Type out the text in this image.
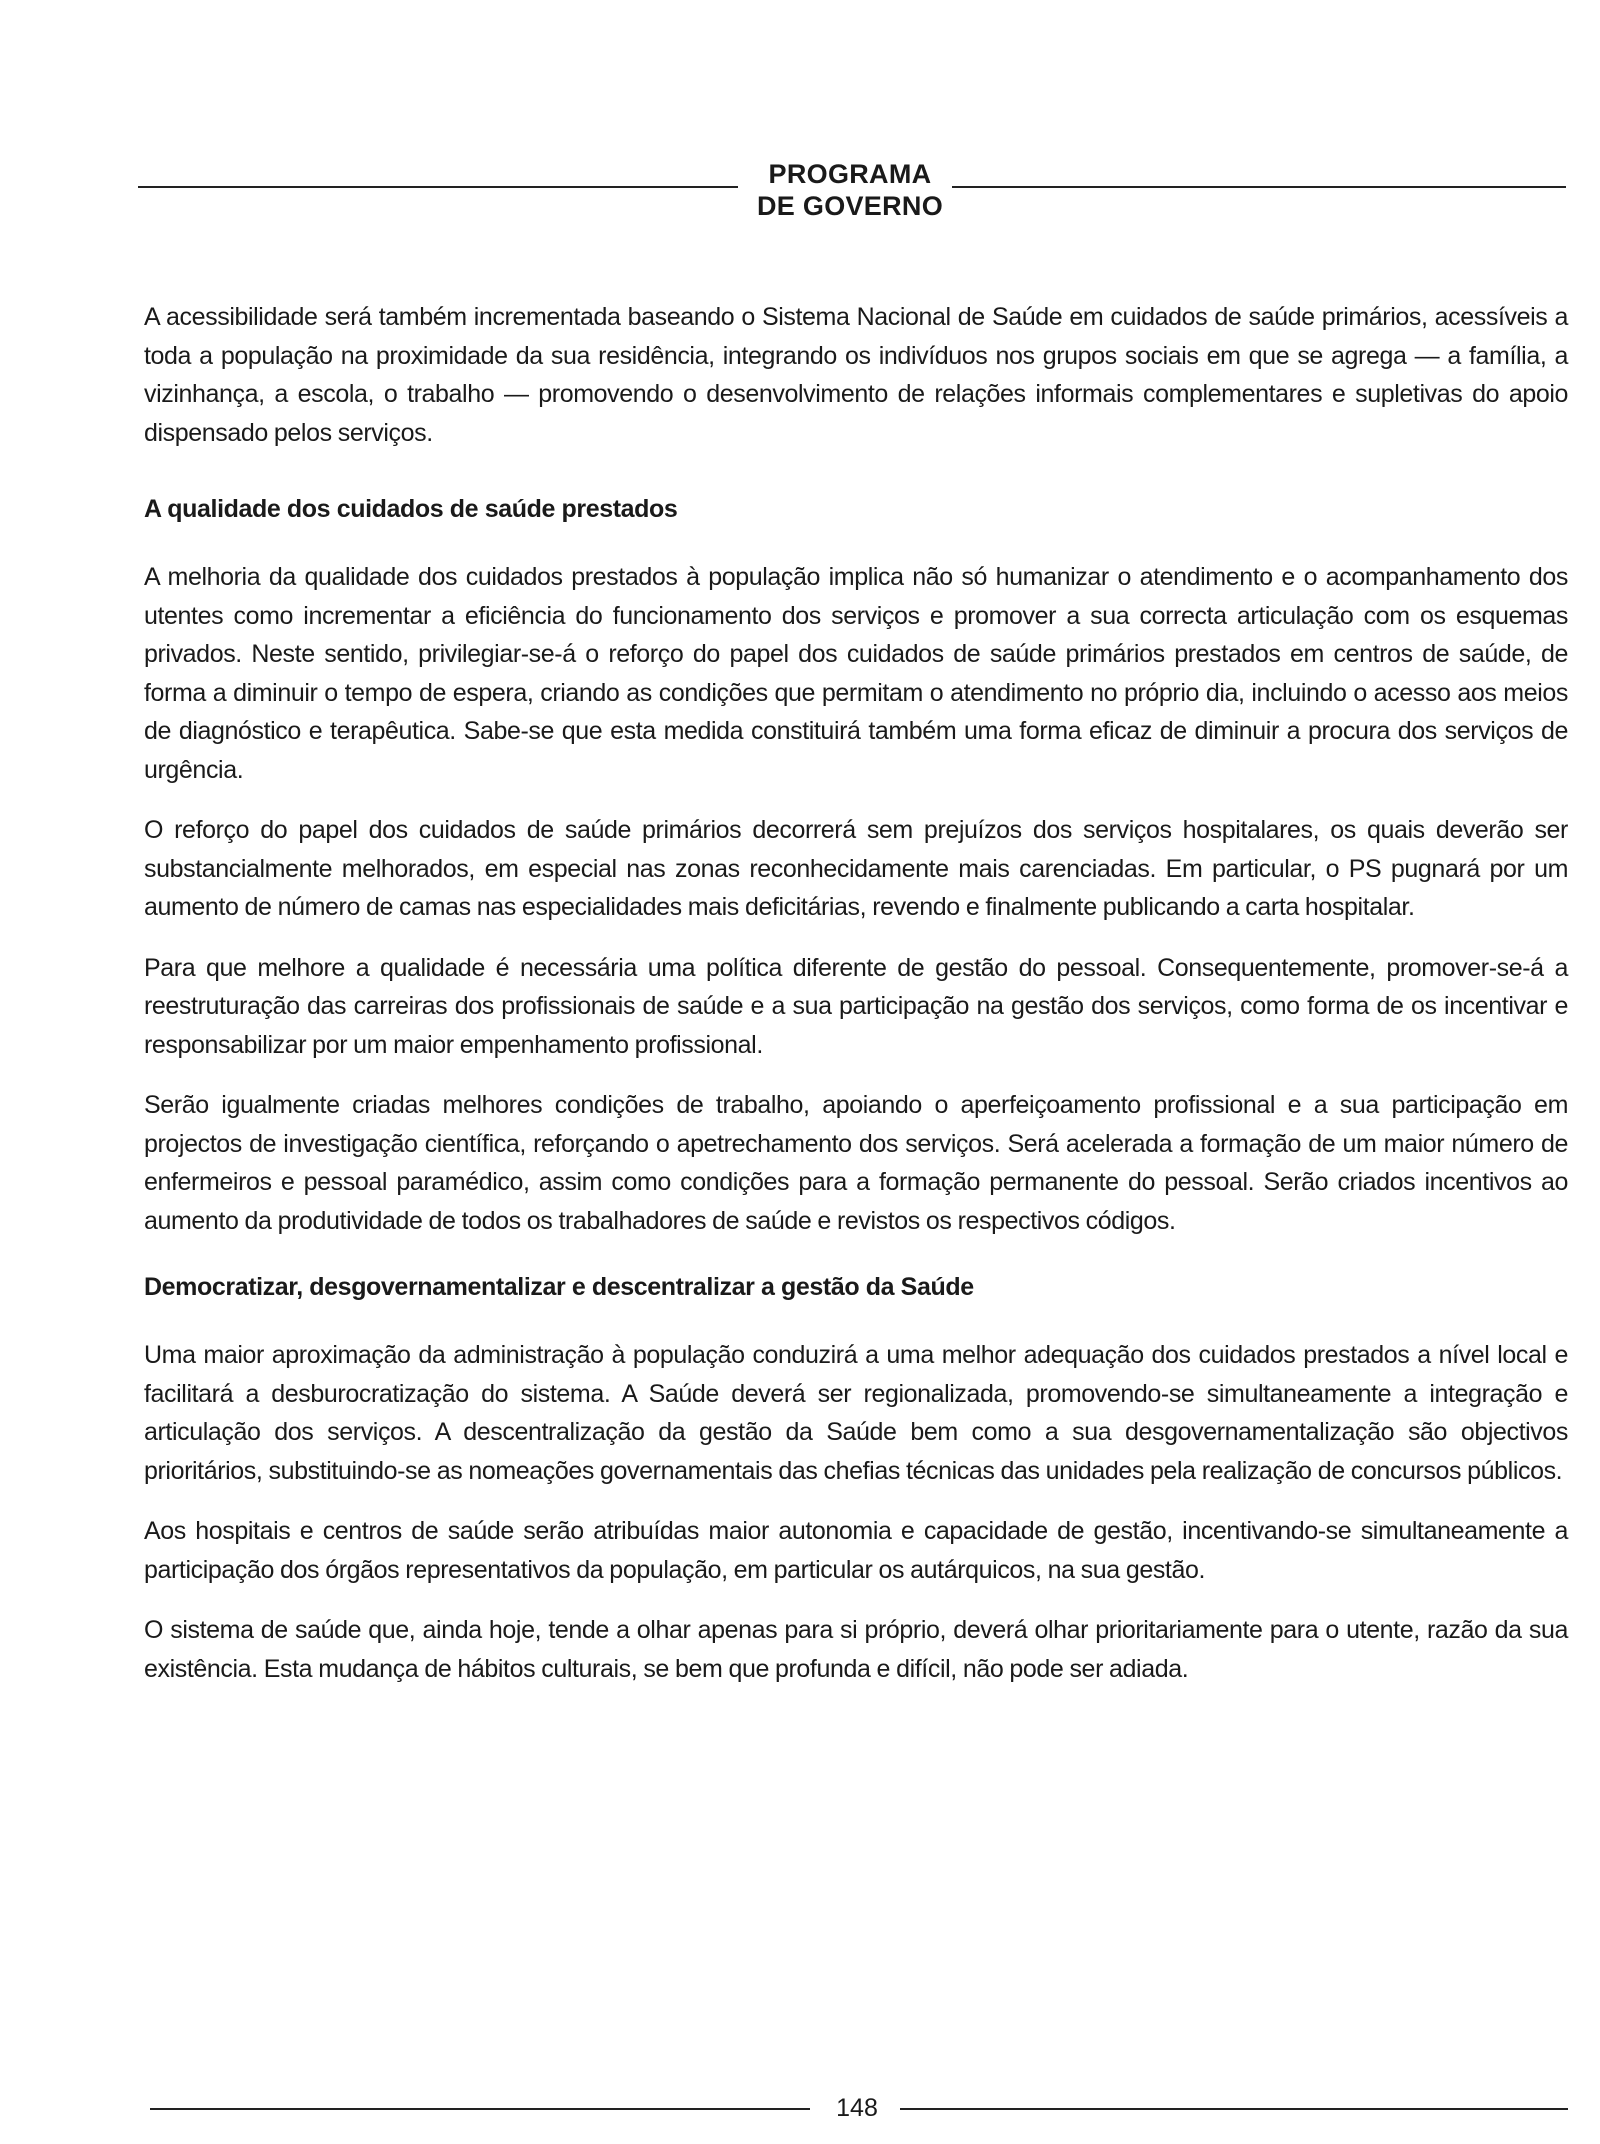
PROGRAMA
DE GOVERNO

A acessibilidade será também incrementada baseando o Sistema Nacional de Saúde em cuidados de saúde primários, acessíveis a toda a população na proximidade da sua residência, integrando os indivíduos nos grupos sociais em que se agrega — a família, a vizinhança, a escola, o trabalho — promovendo o desenvolvimento de relações informais complementares e supletivas do apoio dispensado pelos serviços.

A qualidade dos cuidados de saúde prestados

A melhoria da qualidade dos cuidados prestados à população implica não só humanizar o atendimento e o acompanhamento dos utentes como incrementar a eficiência do funcionamento dos serviços e promover a sua correcta articulação com os esquemas privados. Neste sentido, privilegiar-se-á o reforço do papel dos cuidados de saúde primários prestados em centros de saúde, de forma a diminuir o tempo de espera, criando as condições que permitam o atendimento no próprio dia, incluindo o acesso aos meios de diagnóstico e terapêutica. Sabe-se que esta medida constituirá também uma forma eficaz de diminuir a procura dos serviços de urgência.

O reforço do papel dos cuidados de saúde primários decorrerá sem prejuízos dos serviços hospitalares, os quais deverão ser substancialmente melhorados, em especial nas zonas reconhecidamente mais carenciadas. Em particular, o PS pugnará por um aumento de número de camas nas especialidades mais deficitárias, revendo e finalmente publicando a carta hospitalar.

Para que melhore a qualidade é necessária uma política diferente de gestão do pessoal. Consequentemente, promover-se-á a reestruturação das carreiras dos profissionais de saúde e a sua participação na gestão dos serviços, como forma de os incentivar e responsabilizar por um maior empenhamento profissional.

Serão igualmente criadas melhores condições de trabalho, apoiando o aperfeiçoamento profissional e a sua participação em projectos de investigação científica, reforçando o apetrechamento dos serviços. Será acelerada a formação de um maior número de enfermeiros e pessoal paramédico, assim como condições para a formação permanente do pessoal. Serão criados incentivos ao aumento da produtividade de todos os trabalhadores de saúde e revistos os respectivos códigos.

Democratizar, desgovernamentalizar e descentralizar a gestão da Saúde

Uma maior aproximação da administração à população conduzirá a uma melhor adequação dos cuidados prestados a nível local e facilitará a desburocratização do sistema. A Saúde deverá ser regionalizada, promovendo-se simultaneamente a integração e articulação dos serviços. A descentralização da gestão da Saúde bem como a sua desgovernamentalização são objectivos prioritários, substituindo-se as nomeações governamentais das chefias técnicas das unidades pela realização de concursos públicos.

Aos hospitais e centros de saúde serão atribuídas maior autonomia e capacidade de gestão, incentivando-se simultaneamente a participação dos órgãos representativos da população, em particular os autárquicos, na sua gestão.

O sistema de saúde que, ainda hoje, tende a olhar apenas para si próprio, deverá olhar prioritariamente para o utente, razão da sua existência. Esta mudança de hábitos culturais, se bem que profunda e difícil, não pode ser adiada.

148
